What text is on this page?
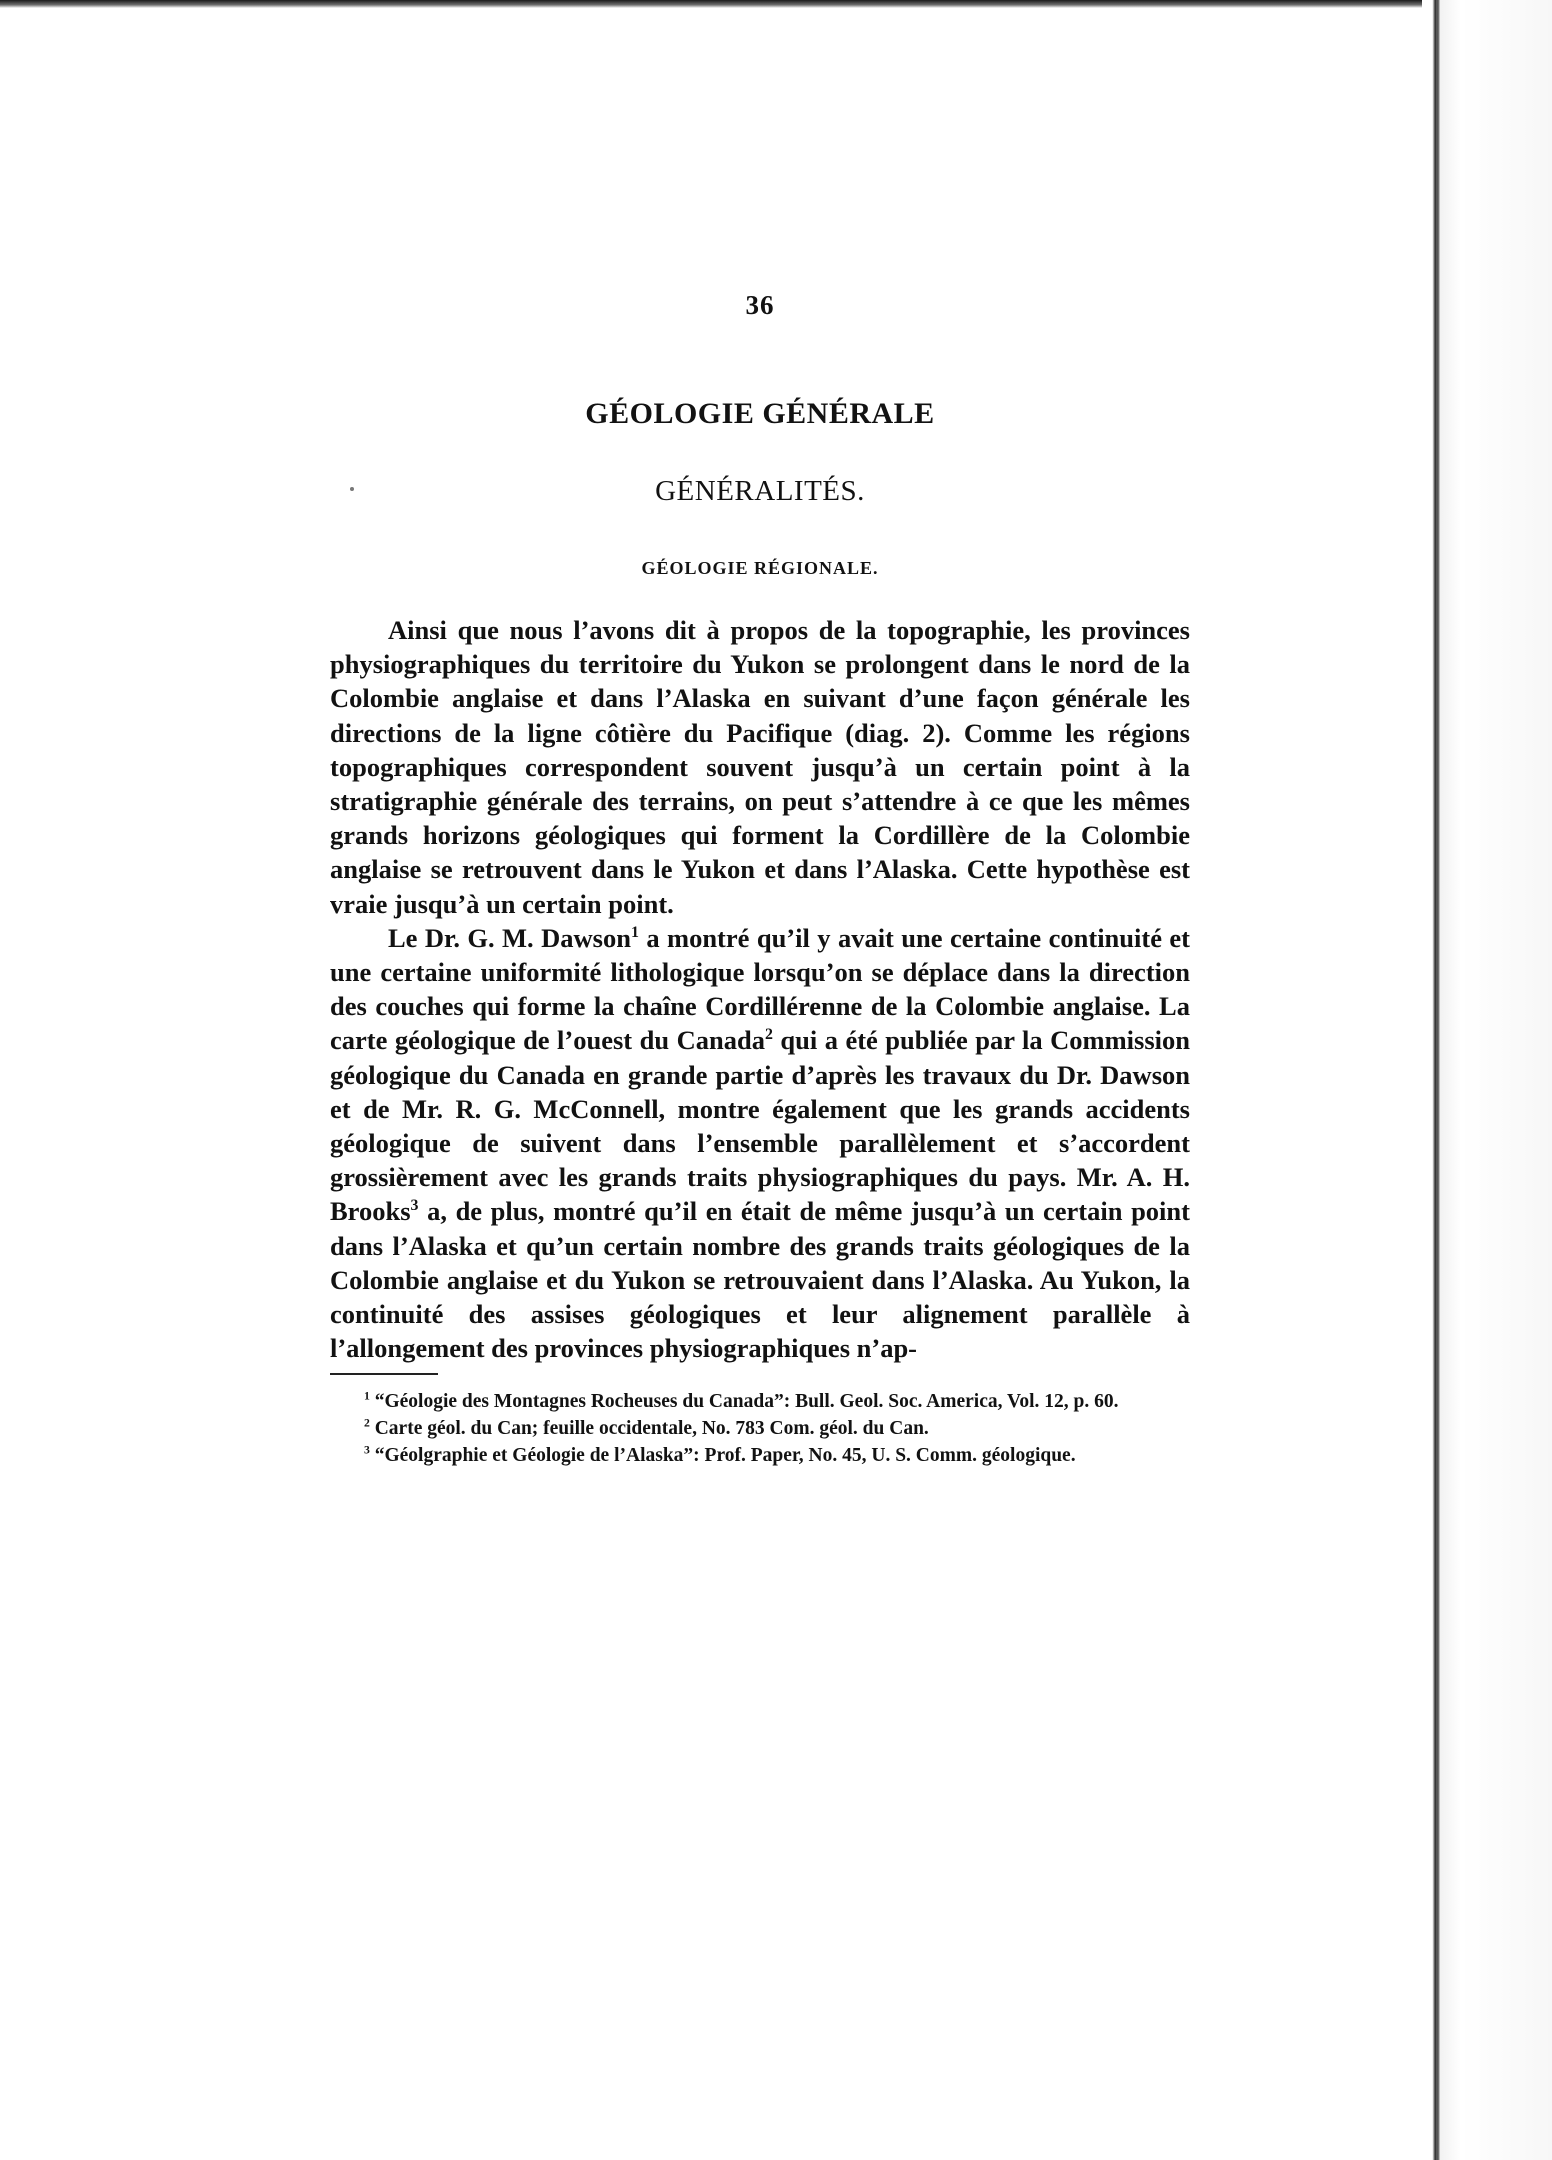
36
GÉOLOGIE GÉNÉRALE
GÉNÉRALITÉS.
GÉOLOGIE RÉGIONALE.

Ainsi que nous l’avons dit à propos de la topographie, les provinces physiographiques du territoire du Yukon se prolongent dans le nord de la Colombie anglaise et dans l’Alaska en suivant d’une façon générale les directions de la ligne côtière du Pacifique (diag. 2). Comme les régions topographiques correspondent souvent jusqu’à un certain point à la stratigraphie générale des terrains, on peut s’attendre à ce que les mêmes grands horizons géologiques qui forment la Cordillère de la Colombie anglaise se retrouvent dans le Yukon et dans l’Alaska. Cette hypothèse est vraie jusqu’à un certain point.

Le Dr. G. M. Dawson$^1$ a montré qu’il y avait une certaine continuité et une certaine uniformité lithologique lorsqu’on se déplace dans la direction des couches qui forme la chaîne Cordillérenne de la Colombie anglaise. La carte géologique de l’ouest du Canada$^2$ qui a été publiée par la Commission géologique du Canada en grande partie d’après les travaux du Dr. Dawson et de Mr. R. G. McConnell, montre également que les grands accidents géologique de suivent dans l’ensemble parallèlement et s’accordent grossièrement avec les grands traits physiographiques du pays. Mr. A. H. Brooks$^3$ a, de plus, montré qu’il en était de même jusqu’à un certain point dans l’Alaska et qu’un certain nombre des grands traits géologiques de la Colombie anglaise et du Yukon se retrouvaient dans l’Alaska. Au Yukon, la continuité des assises géologiques et leur alignement parallèle à l’allongement des provinces physiographiques n’ap-

$^1$ “Géologie des Montagnes Rocheuses du Canada”: Bull. Geol. Soc. America, Vol. 12, p. 60.

$^2$ Carte géol. du Can; feuille occidentale, No. 783 Com. géol. du Can.

$^3$ “Géolgraphie et Géologie de l’Alaska”: Prof. Paper, No. 45, U. S. Comm. géologique.
